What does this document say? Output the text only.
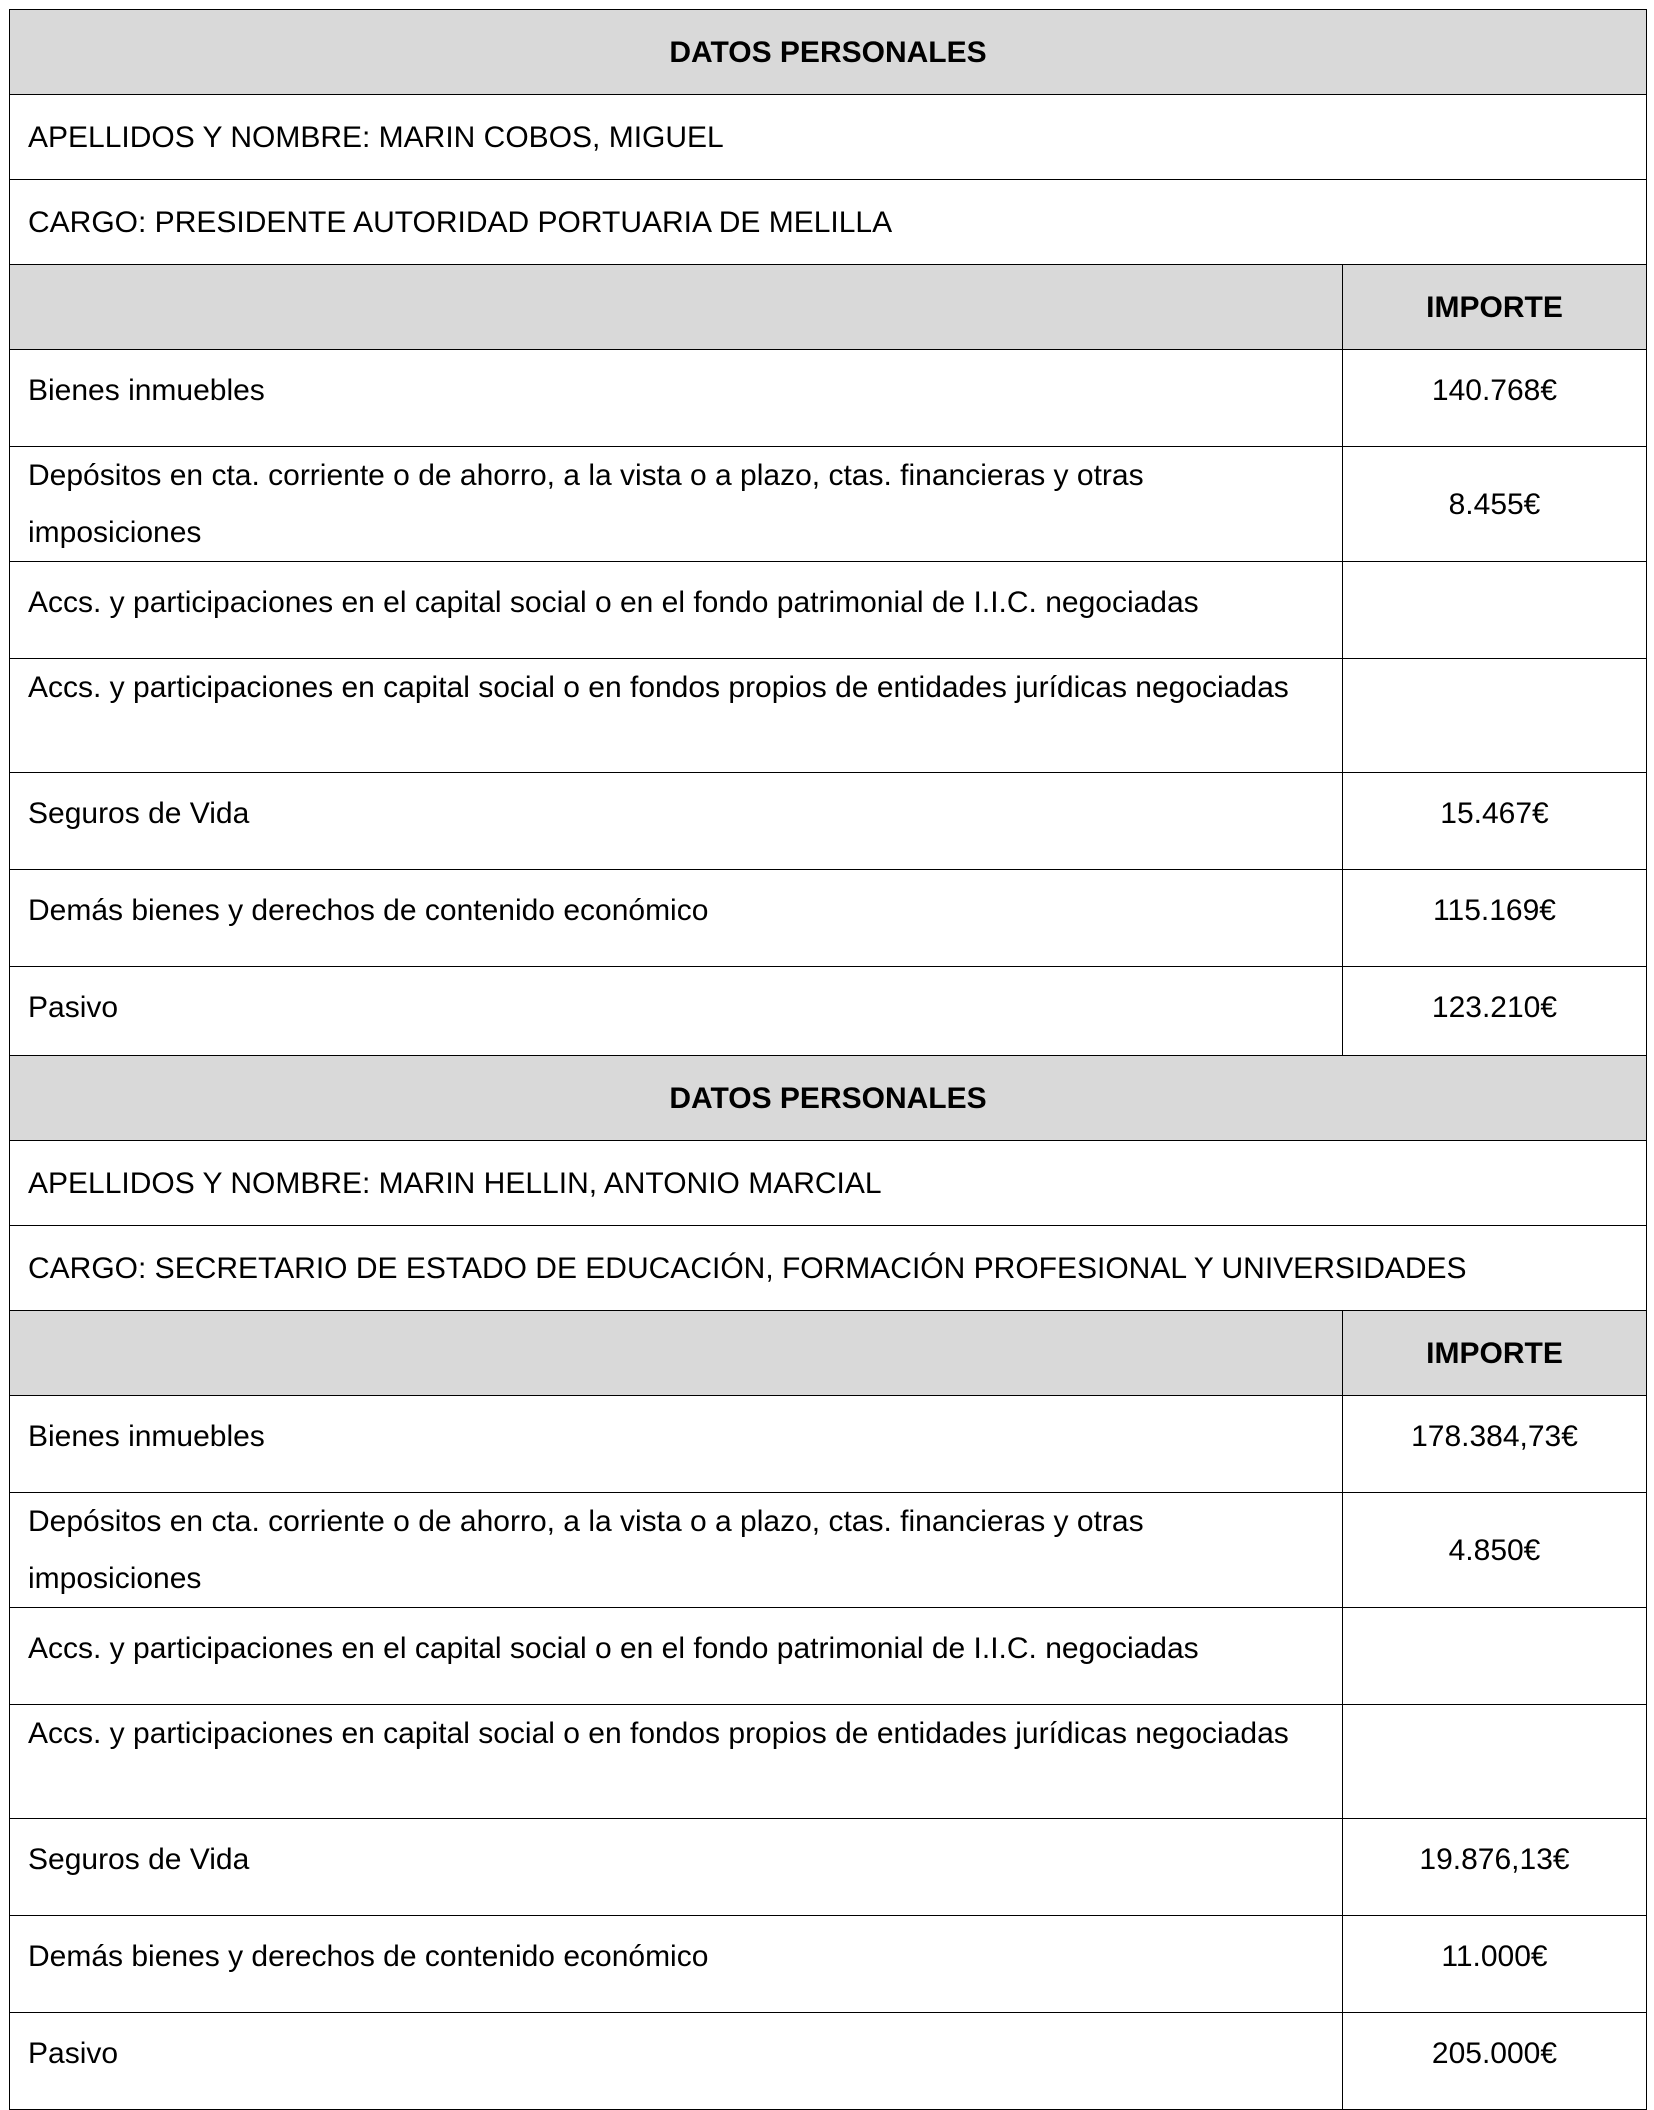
DATOS PERSONALES	
APELLIDOS Y NOMBRE: MARIN COBOS, MIGUEL	
CARGO: PRESIDENTE AUTORIDAD PORTUARIA DE MELILLA	
	IMPORTE
Bienes inmuebles	140.768€
Depósitos en cta. corriente o de ahorro, a la vista o a plazo, ctas. financieras y otras imposiciones	8.455€
Accs. y participaciones en el capital social o en el fondo patrimonial de I.I.C. negociadas	
Accs. y participaciones en capital social o en fondos propios de entidades jurídicas negociadas	
Seguros de Vida	15.467€
Demás bienes y derechos de contenido económico	115.169€
Pasivo	123.210€
DATOS PERSONALES	
APELLIDOS Y NOMBRE: MARIN HELLIN, ANTONIO MARCIAL	
CARGO: SECRETARIO DE ESTADO DE EDUCACIÓN, FORMACIÓN PROFESIONAL Y UNIVERSIDADES	
	IMPORTE
Bienes inmuebles	178.384,73€
Depósitos en cta. corriente o de ahorro, a la vista o a plazo, ctas. financieras y otras imposiciones	4.850€
Accs. y participaciones en el capital social o en el fondo patrimonial de I.I.C. negociadas	
Accs. y participaciones en capital social o en fondos propios de entidades jurídicas negociadas	
Seguros de Vida	19.876,13€
Demás bienes y derechos de contenido económico	11.000€
Pasivo	205.000€
